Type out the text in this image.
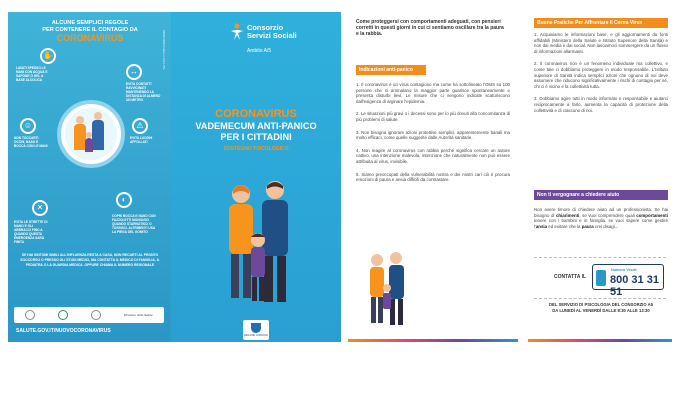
ALCUNE SEMPLICI REGOLE
PER CONTENERE IL CONTAGIO DA
CORONAVIRUS	MINISTERO DELLA SALUTE
✋
LAVATI SPESSO LE MANI CON ACQUA E SAPONE O GEL A BASE ALCOLICA
↔
EVITA CONTATTI RAVVICINATI MANTENENDO LA DISTANZA DI ALMENO UN METRO
☺
NON TOCCARTI OCCHI, NASO E BOCCA CON LE MANI
⚠
EVITA LUOGHI AFFOLLATI
✕
EVITA LE STRETTE DI MANO E GLI ABBRACCI FINO A QUANDO QUESTA EMERGENZA SARÀ FINITA
◐
COPRI BOCCA E NASO CON FAZZOLETTI MONOUSO QUANDO STARNUTISCI O TOSSISCI. ALTRIMENTI USA LA PIEGA DEL GOMITO
SE HAI SINTOMI SIMILI ALL'INFLUENZA RESTA A CASA, NON RECARTI AL PRONTO SOCCORSO O PRESSO GLI STUDI MEDICI, MA CONTATTA IL MEDICO DI FAMIGLIA, IL PEDIATRA O LA GUARDIA MEDICA. OPPURE CHIAMA IL NUMERO REGIONALE
Ministero della Salute
SALUTE.GOV.IT/NUOVOCORONAVIRUS
Consorzio
Servizi Sociali
Ambito A/5
CORONAVIRUS
VADEMECUM ANTI-PANICO
PER I CITTADINI
SOSTEGNO PSICOLOGICO
REGIONE CAMPANIA
Come proteggersi con comportamenti adeguati, con pensieri corretti in questi giorni in cui ci sentiamo oscillare tra la paura e la rabbia.
Indicazioni anti-panico
1. Il coronavirus è un virus contagioso ma come ha sottolineato l'OMS su 100 persone che si ammalano la maggior parte guarisce spontaneamente e presenta disturbi lievi. Le misure che ci vengono indicate scaturiscono dall'esigenza di arginare l'epidemia.
2. Le situazioni più gravi o i decessi sono per lo più dovuti alla concomitanza di più problemi di salute.
3. Non bisogna ignorare azioni protettive semplici, apparentemente banali ma molto efficaci, come quelle suggerite dalle Autorità sanitarie.
4. Non reagire al coronavirus con rabbia perché significa cercare un autore cattivo, una intenzione malevola, intenzione che naturalmente non può essere attribuita al virus, invisibile.
5. Siamo preoccupati della vulnerabilità nostra e dei nostri cari ciò è procura emozioni di paura e ansia difficili da contrastare.
Buone Pratiche Per Affrontare Il Corna Virus
1. Acquisiamo le informazioni base, e gli aggiornamenti da fonti affidabili (Ministero della Salute e Istituto Superiore della Sanità) e non dai media e dai social. Non lasciamoci sommergere da un flusso di informazioni allarmanti.
2. Il coronavirus non è un fenomeno individuale ma collettivo, e come tale ci dobbiamo proteggere in modo responsabile. L'Istituto superiore di Sanità indica semplici azioni che ognuno di noi deve assumere che riducono significativamente i rischi di contagio per sé, chi ci è vicino e la collettività tutta.
3. Dobbiamo agire tutti in modo informato e responsabile e aiutarci reciprocamente a farlo, aumenta la capacità di protezione della collettività e di ciascuno di noi.
Non ti vergognare a chiedere aiuto
Non avere timore di chiedere aiuto ad un professionista. Se hai bisogno di chiarimenti, se vuoi comprendere quali comportamenti tenere con i bambini e in famiglia, se vuoi sapere come gestire l'ansia ed evitare che la paura crei disagi...
CONTATTA IL
Numero Verde
800 31 31 51
DEL SERVIZIO DI PSICOLOGIA DEL CONSORZIO A5
DA LUNEDÌ AL VENERDÌ DALLE 8:30 ALLE 13:30
